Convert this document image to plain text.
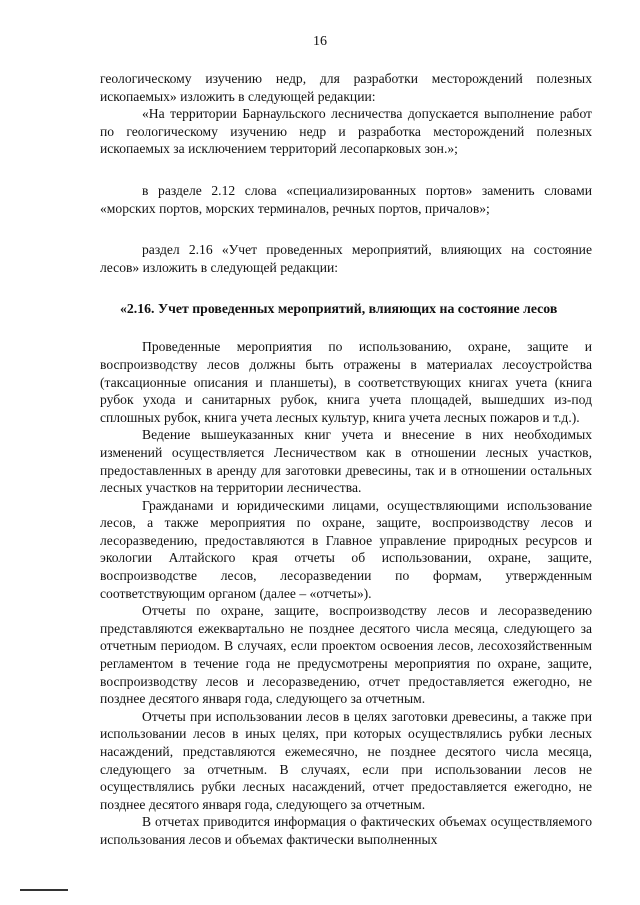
16

геологическому изучению недр, для разработки месторождений полезных ископаемых» изложить в следующей редакции:

«На территории Барнаульского лесничества допускается выполнение работ по геологическому изучению недр и разработка месторождений полезных ископаемых за исключением территорий лесопарковых зон.»;

в разделе 2.12 слова «специализированных портов» заменить словами «морских портов, морских терминалов, речных портов, причалов»;

раздел 2.16 «Учет проведенных мероприятий, влияющих на состояние лесов» изложить в следующей редакции:

«2.16. Учет проведенных мероприятий, влияющих на состояние лесов

Проведенные мероприятия по использованию, охране, защите и воспроизводству лесов должны быть отражены в материалах лесоустройства (таксационные описания и планшеты), в соответствующих книгах учета (книга рубок ухода и санитарных рубок, книга учета площадей, вышедших из-под сплошных рубок, книга учета лесных культур, книга учета лесных пожаров и т.д.).

Ведение вышеуказанных книг учета и внесение в них необходимых изменений осуществляется Лесничеством как в отношении лесных участков, предоставленных в аренду для заготовки древесины, так и в отношении остальных лесных участков на территории лесничества.

Гражданами и юридическими лицами, осуществляющими использование лесов, а также мероприятия по охране, защите, воспроизводству лесов и лесоразведению, предоставляются в Главное управление природных ресурсов и экологии Алтайского края отчеты об использовании, охране, защите, воспроизводстве лесов, лесоразведении по формам, утвержденным соответствующим органом (далее – «отчеты»).

Отчеты по охране, защите, воспроизводству лесов и лесоразведению представляются ежеквартально не позднее десятого числа месяца, следующего за отчетным периодом. В случаях, если проектом освоения лесов, лесохозяйственным регламентом в течение года не предусмотрены мероприятия по охране, защите, воспроизводству лесов и лесоразведению, отчет предоставляется ежегодно, не позднее десятого января года, следующего за отчетным.

Отчеты при использовании лесов в целях заготовки древесины, а также при использовании лесов в иных целях, при которых осуществлялись рубки лесных насаждений, представляются ежемесячно, не позднее десятого числа месяца, следующего за отчетным. В случаях, если при использовании лесов не осуществлялись рубки лесных насаждений, отчет предоставляется ежегодно, не позднее десятого января года, следующего за отчетным.

В отчетах приводится информация о фактических объемах осуществляемого использования лесов и объемах фактически выполненных
